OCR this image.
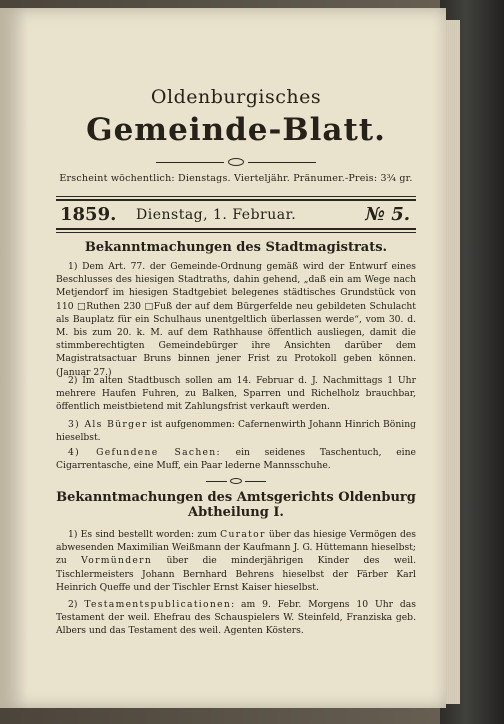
Oldenburgisches
Gemeinde-Blatt.
Erscheint wöchentlich: Dienstags. Vierteljähr. Pränumer.-Preis: 3¾ gr.
1859. Dienstag, 1. Februar.	№ 5.
Bekanntmachungen des Stadtmagistrats.

1) Dem Art. 77. der Gemeinde-Ordnung gemäß wird der Entwurf eines Beschlusses des hiesigen Stadtraths, dahin gehend, „daß ein am Wege nach Metjendorf im hiesigen Stadtgebiet belegenes städtisches Grundstück von 110 □Ruthen 230 □Fuß der auf dem Bürgerfelde neu gebildeten Schulacht als Bauplatz für ein Schulhaus unentgeltlich überlassen werde“, vom 30. d. M. bis zum 20. k. M. auf dem Rathhause öffentlich ausliegen, damit die stimmberechtigten Gemeindebürger ihre Ansichten darüber dem Magistratsactuar Bruns binnen jener Frist zu Protokoll geben können. (Januar 27.)

2) Im alten Stadtbusch sollen am 14. Februar d. J. Nachmittags 1 Uhr mehrere Haufen Fuhren, zu Balken, Sparren und Richelholz brauchbar, öffentlich meistbietend mit Zahlungsfrist verkauft werden.

3) Als Bürger ist aufgenommen: Cafernenwirth Johann Hinrich Böning hieselbst.

4) Gefundene Sachen: ein seidenes Taschentuch, eine Cigarrentasche, eine Muff, ein Paar lederne Mannsschuhe.

Bekanntmachungen des Amtsgerichts Oldenburg
Abtheilung I.

1) Es sind bestellt worden: zum Curator über das hiesige Vermögen des abwesenden Maximilian Weißmann der Kaufmann J. G. Hüttemann hieselbst; zu Vormündern über die minderjährigen Kinder des weil. Tischlermeisters Johann Bernhard Behrens hieselbst der Färber Karl Heinrich Queffe und der Tischler Ernst Kaiser hieselbst.

2) Testamentspublicationen: am 9. Febr. Morgens 10 Uhr das Testament der weil. Ehefrau des Schauspielers W. Steinfeld, Franziska geb. Albers und das Testament des weil. Agenten Kösters.
